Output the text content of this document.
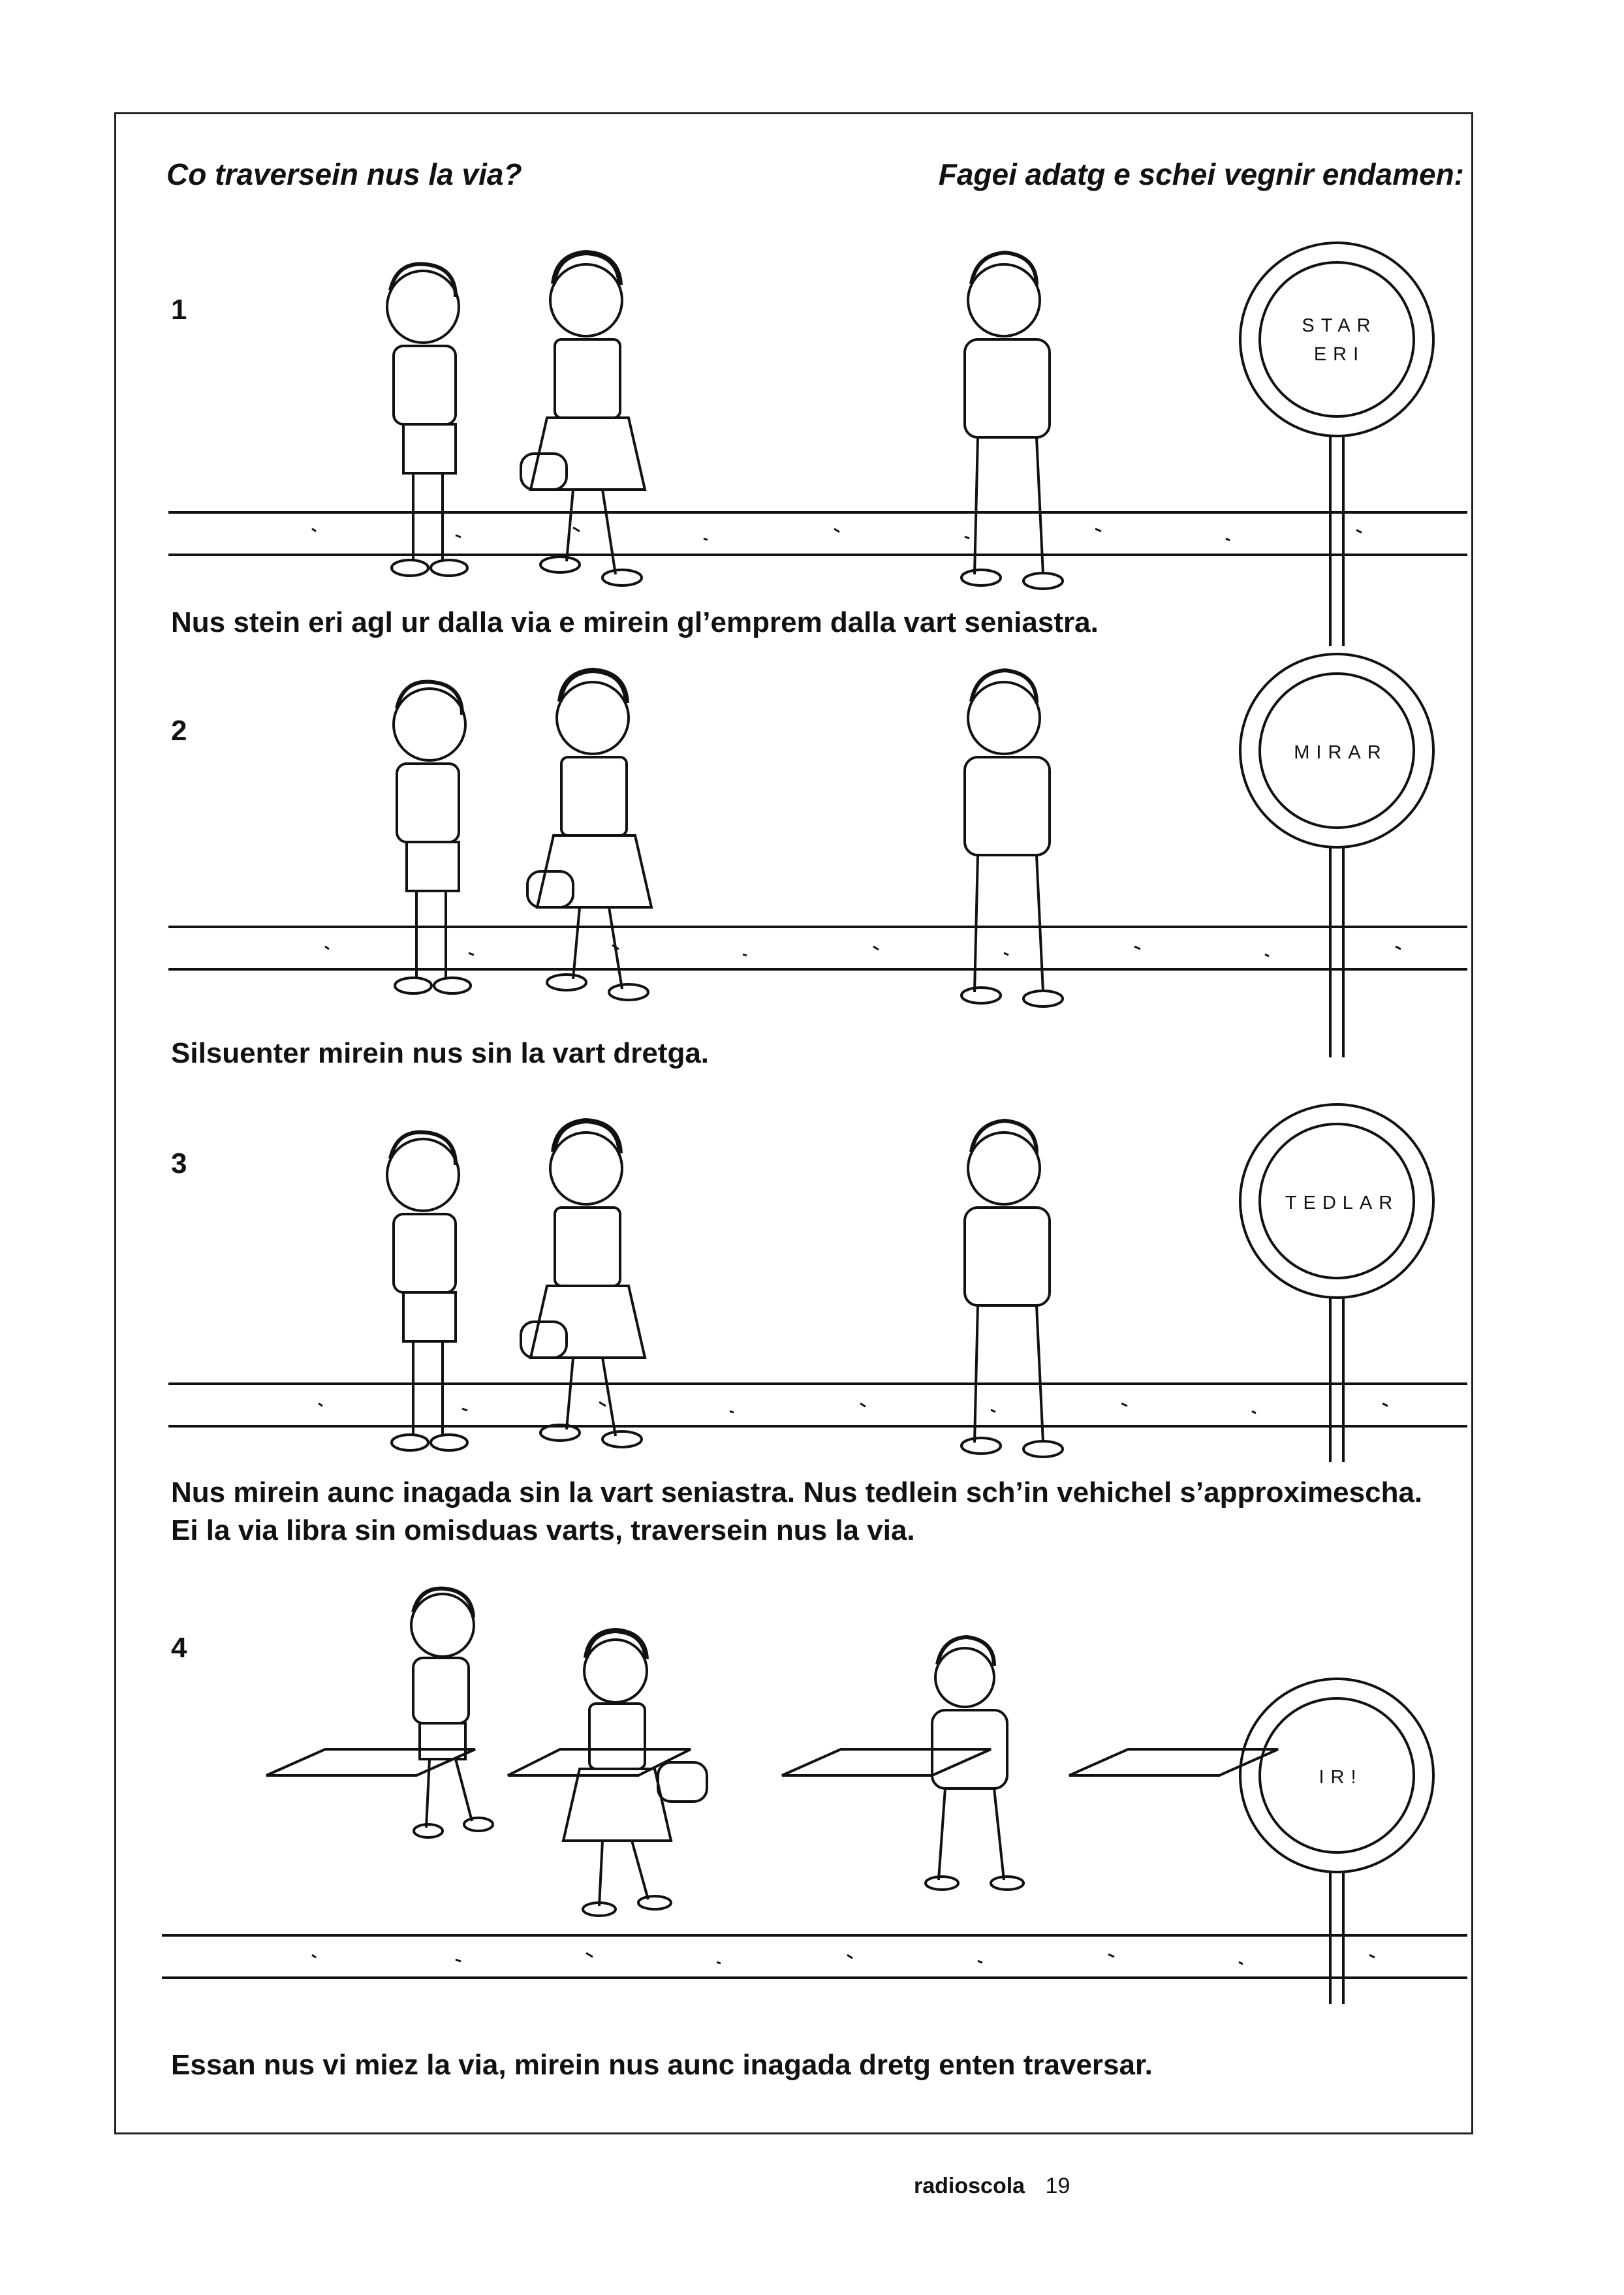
Co traversein nus la via?	Fagei adatg e schei vegnir endamen:
1	STAR
ERI
Nus stein eri agl ur dalla via e mirein gl’emprem dalla vart seniastra.
2
MIRAR
Silsuenter mirein nus sin la vart dretga.
3
TEDLAR
Nus mirein aunc inagada sin la vart seniastra. Nus tedlein sch’in vehichel s’approximescha.
Ei la via libra sin omisduas varts, traversein nus la via.
4
IR!
Essan nus vi miez la via, mirein nus aunc inagada dretg enten traversar.
radioscola 19
